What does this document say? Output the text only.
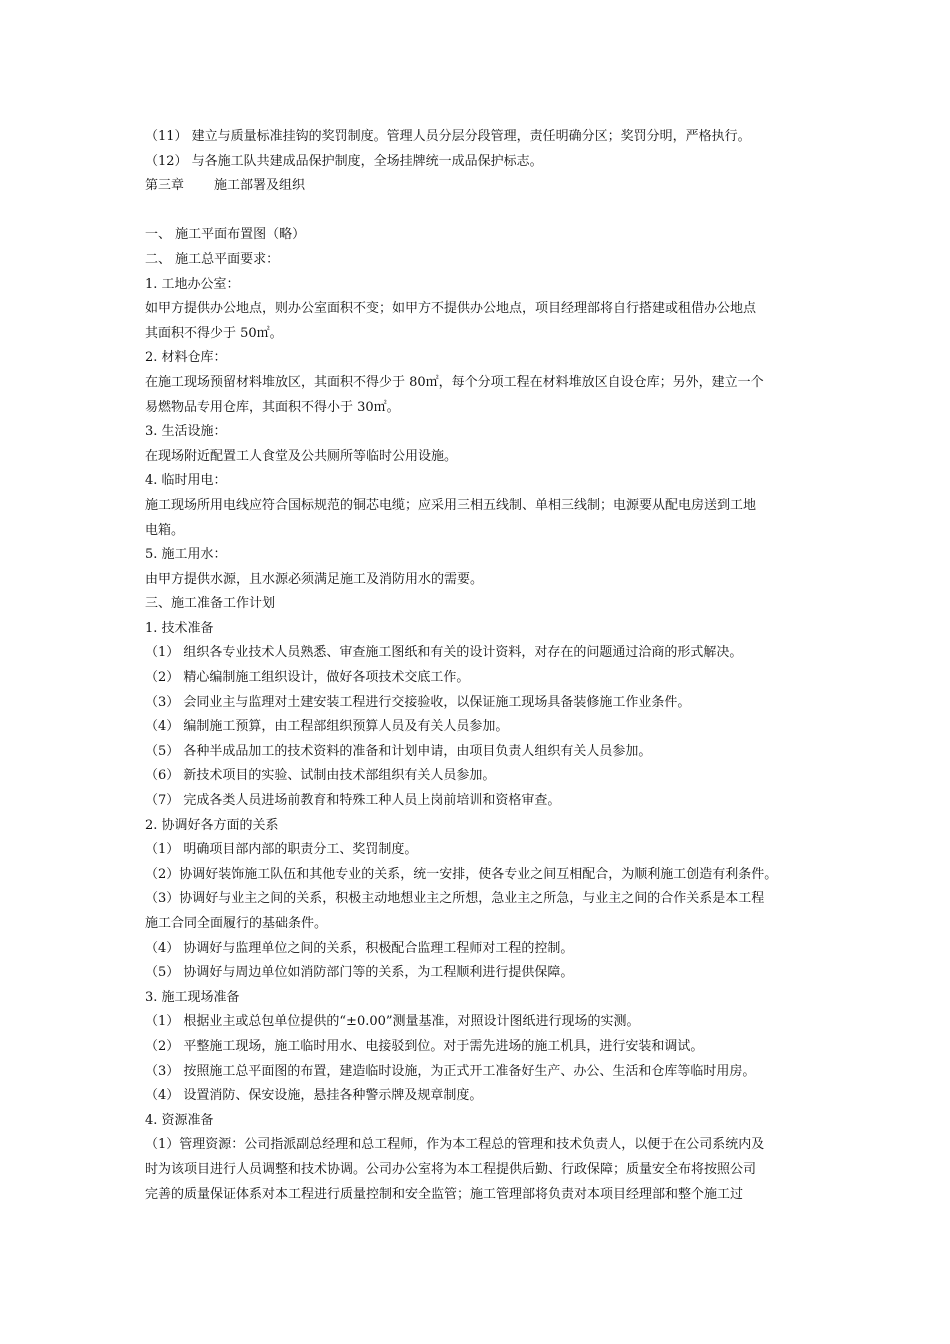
（11） 建立与质量标准挂钩的奖罚制度。管理人员分层分段管理，责任明确分区；奖罚分明，严格执行。
（12） 与各施工队共建成品保护制度，全场挂牌统一成品保护标志。
第三章 施工部署及组织
一、 施工平面布置图（略）
二、 施工总平面要求：
1. 工地办公室：
如甲方提供办公地点，则办公室面积不变；如甲方不提供办公地点，项目经理部将自行搭建或租借办公地点
其面积不得少于 50㎡。
2. 材料仓库：
在施工现场预留材料堆放区，其面积不得少于 80㎡，每个分项工程在材料堆放区自设仓库；另外，建立一个
易燃物品专用仓库，其面积不得小于 30㎡。
3. 生活设施：
在现场附近配置工人食堂及公共厕所等临时公用设施。
4. 临时用电：
施工现场所用电线应符合国标规范的铜芯电缆；应采用三相五线制、单相三线制；电源要从配电房送到工地
电箱。
5. 施工用水：
由甲方提供水源，且水源必须满足施工及消防用水的需要。
三、施工准备工作计划
1. 技术准备
（1） 组织各专业技术人员熟悉、审查施工图纸和有关的设计资料，对存在的问题通过洽商的形式解决。
（2） 精心编制施工组织设计，做好各项技术交底工作。
（3） 会同业主与监理对土建安装工程进行交接验收，以保证施工现场具备装修施工作业条件。
（4） 编制施工预算，由工程部组织预算人员及有关人员参加。
（5） 各种半成品加工的技术资料的准备和计划申请，由项目负责人组织有关人员参加。
（6） 新技术项目的实验、试制由技术部组织有关人员参加。
（7） 完成各类人员进场前教育和特殊工种人员上岗前培训和资格审查。
2. 协调好各方面的关系
（1） 明确项目部内部的职责分工、奖罚制度。
（2）协调好装饰施工队伍和其他专业的关系，统一安排，使各专业之间互相配合，为顺利施工创造有利条件。
（3）协调好与业主之间的关系，积极主动地想业主之所想，急业主之所急，与业主之间的合作关系是本工程
施工合同全面履行的基础条件。
（4） 协调好与监理单位之间的关系，积极配合监理工程师对工程的控制。
（5） 协调好与周边单位如消防部门等的关系，为工程顺利进行提供保障。
3. 施工现场准备
（1） 根据业主或总包单位提供的“±0.00”测量基准，对照设计图纸进行现场的实测。
（2） 平整施工现场，施工临时用水、电接驳到位。对于需先进场的施工机具，进行安装和调试。
（3） 按照施工总平面图的布置，建造临时设施，为正式开工准备好生产、办公、生活和仓库等临时用房。
（4） 设置消防、保安设施，悬挂各种警示牌及规章制度。
4. 资源准备
（1）管理资源：公司指派副总经理和总工程师，作为本工程总的管理和技术负责人，以便于在公司系统内及
时为该项目进行人员调整和技术协调。公司办公室将为本工程提供后勤、行政保障；质量安全布将按照公司
完善的质量保证体系对本工程进行质量控制和安全监管；施工管理部将负责对本项目经理部和整个施工过
